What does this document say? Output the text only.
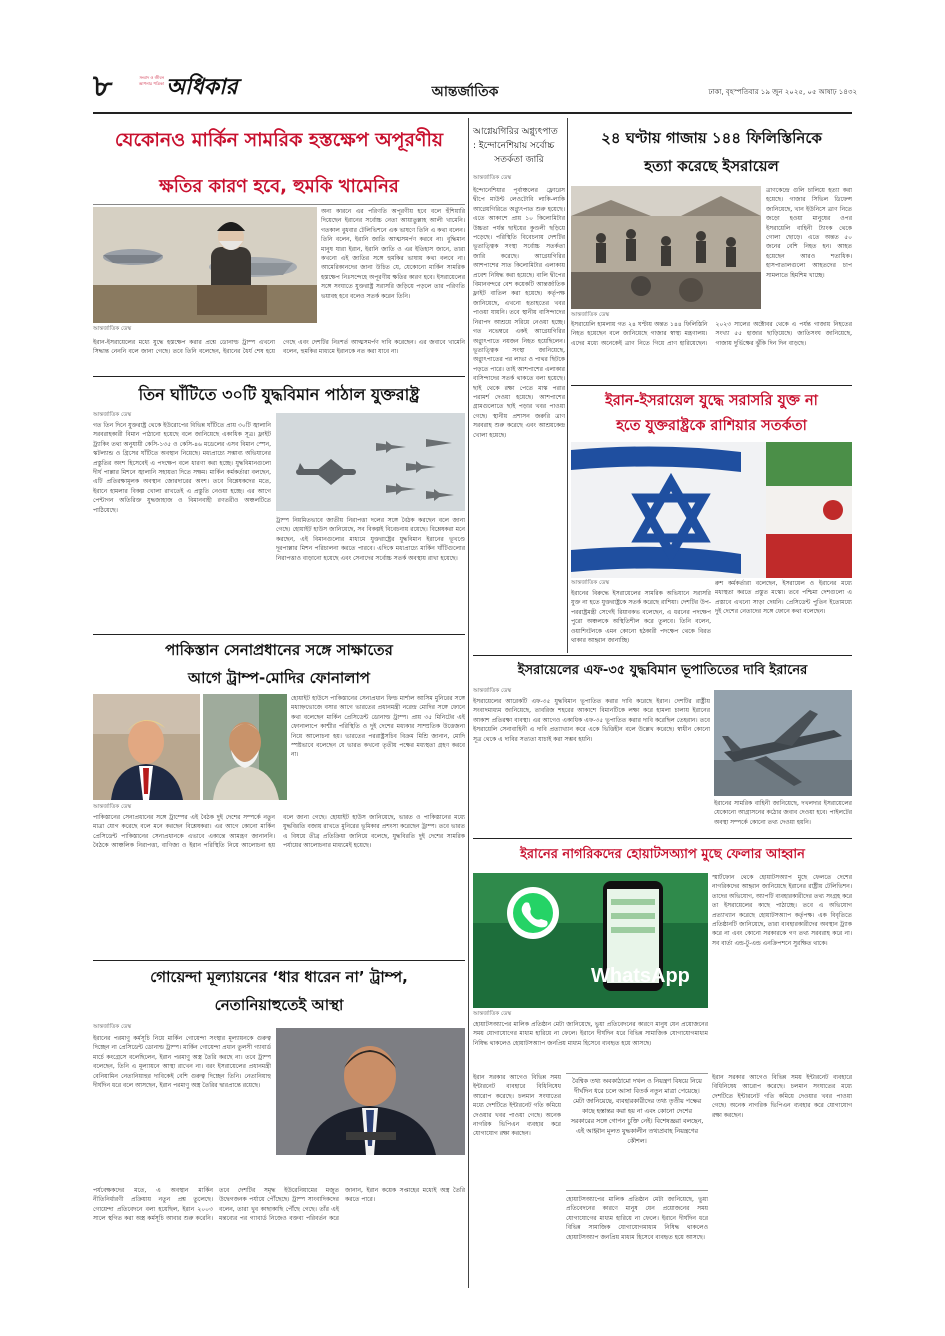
৮	সংবাদ ও জীবন
আপনার পত্রিকা অধিকার	আন্তর্জাতিক	ঢাকা, বৃহস্পতিবার ১৯ জুন ২০২৫, ০৫ আষাঢ় ১৪৩২
যেকোনও মার্কিন সামরিক হস্তক্ষেপ অপূরণীয়
ক্ষতির কারণ হবে, হুমকি খামেনির
আন্তর্জাতিক ডেস্ক
অন্য কারনে এর পরিণতি অপূরণীয় হবে বলে হুঁশিয়ারি দিয়েছেন ইরানের সর্বোচ্চ নেতা আয়াতুল্লাহ আলী খামেনি। গতকাল বুধবার টেলিভিশনে এক ভাষণে তিনি এ কথা বলেন। তিনি বলেন, ইরানি জাতি আত্মসমর্পণ করবে না। বুদ্ধিমান মানুষ যারা ইরান, ইরানি জাতি ও এর ইতিহাস জানে, তারা কখনো এই জাতির সঙ্গে হুমকির ভাষায় কথা বলবে না। আমেরিকানদের জানা উচিত যে, যেকোনো মার্কিন সামরিক হস্তক্ষেপ নিঃসন্দেহে অপূরণীয় ক্ষতির কারণ হবে। ইসরায়েলের সঙ্গে সংঘাতে যুক্তরাষ্ট্র সরাসরি জড়িয়ে পড়লে তার পরিণতি ভয়াবহ হবে বলেও সতর্ক করেন তিনি।
ইরান-ইসরায়েলের মধ্যে যুদ্ধে হস্তক্ষেপ করার প্রশ্নে ডোনাল্ড ট্রাম্প এখনো সিদ্ধান্ত নেননি বলে জানা গেছে। তবে তিনি বলেছেন, ইরানের ধৈর্য শেষ হয়ে গেছে এবং দেশটির নিঃশর্ত আত্মসমর্পণ দাবি করেছেন। এর জবাবে খামেনি বলেন, হুমকির মাধ্যমে ইরানকে নত করা যাবে না।
তিন ঘাঁটিতে ৩০টি যুদ্ধবিমান পাঠাল যুক্তরাষ্ট্র
আন্তর্জাতিক ডেস্ক
গত তিন দিনে যুক্তরাষ্ট্র থেকে ইউরোপের বিভিন্ন ঘাঁটিতে প্রায় ৩০টি জ্বালানি সরবরাহকারী বিমান পাঠানো হয়েছে বলে জানিয়েছে একাধিক সূত্র। ফ্লাইট ট্র্যাকিং তথ্য অনুযায়ী কেসি-১৩৫ ও কেসি-৪৬ মডেলের এসব বিমান স্পেন, স্কটল্যান্ড ও গ্রিসের ঘাঁটিতে অবস্থান নিয়েছে। মধ্যপ্রাচ্যে সম্ভাব্য অভিযানের প্রস্তুতির অংশ হিসেবেই এ পদক্ষেপ বলে ধারণা করা হচ্ছে। যুদ্ধবিমানগুলো দীর্ঘ পাল্লার মিশনে জ্বালানি সহায়তা দিতে সক্ষম। মার্কিন কর্মকর্তারা বলছেন, এটি প্রতিরক্ষামূলক অবস্থান জোরদারের অংশ। তবে বিশ্লেষকদের মতে, ইরানে হামলার বিকল্প খোলা রাখতেই এ প্রস্তুতি নেওয়া হচ্ছে। এর আগে পেন্টাগন অতিরিক্ত যুদ্ধজাহাজ ও বিমানবাহী রণতরীও অঞ্চলটিতে পাঠিয়েছে।
ট্রাম্প নিয়মিতভাবে জাতীয় নিরাপত্তা দলের সঙ্গে বৈঠক করছেন বলে জানা গেছে। হোয়াইট হাউস জানিয়েছে, সব বিকল্পই বিবেচনায় রয়েছে। বিশ্লেষকরা মনে করছেন, এই বিমানগুলোর মাধ্যমে যুক্তরাষ্ট্রের যুদ্ধবিমান ইরানের ভূখণ্ডে দূরপাল্লার মিশন পরিচালনা করতে পারবে। এদিকে মধ্যপ্রাচ্যে মার্কিন ঘাঁটিগুলোর নিরাপত্তাও বাড়ানো হয়েছে এবং সেনাদের সর্বোচ্চ সতর্ক অবস্থায় রাখা হয়েছে।
পাকিস্তান সেনাপ্রধানের সঙ্গে সাক্ষাতের
আগে ট্রাম্প-মোদির ফোনালাপ
হোয়াইট হাউসে পাকিস্তানের সেনাপ্রধান ফিল্ড মার্শাল আসিম মুনিরের সঙ্গে মধ্যাহ্নভোজে বসার আগে ভারতের প্রধানমন্ত্রী নরেন্দ্র মোদির সঙ্গে ফোনে কথা বলেছেন মার্কিন প্রেসিডেন্ট ডোনাল্ড ট্রাম্প। প্রায় ৩৫ মিনিটের এই ফোনালাপে কাশ্মীর পরিস্থিতি ও দুই দেশের মধ্যকার সাম্প্রতিক উত্তেজনা নিয়ে আলোচনা হয়। ভারতের পররাষ্ট্রসচিব বিক্রম মিশ্রি জানান, মোদি স্পষ্টভাবে বলেছেন যে ভারত কখনো তৃতীয় পক্ষের মধ্যস্থতা গ্রহণ করবে না।
আন্তর্জাতিক ডেস্ক
পাকিস্তানের সেনাপ্রধানের সঙ্গে ট্রাম্পের এই বৈঠক দুই দেশের সম্পর্কে নতুন মাত্রা যোগ করেছে বলে মনে করছেন বিশ্লেষকরা। এর আগে কোনো মার্কিন প্রেসিডেন্ট পাকিস্তানের সেনাপ্রধানকে এভাবে একান্তে আমন্ত্রণ জানাননি। বৈঠকে আঞ্চলিক নিরাপত্তা, বাণিজ্য ও ইরান পরিস্থিতি নিয়ে আলোচনা হয় বলে জানা গেছে। হোয়াইট হাউস জানিয়েছে, ভারত ও পাকিস্তানের মধ্যে যুদ্ধবিরতি বজায় রাখতে মুনিরের ভূমিকার প্রশংসা করেছেন ট্রাম্প। তবে ভারত এ বিষয়ে তীব্র প্রতিক্রিয়া জানিয়ে বলেছে, যুদ্ধবিরতি দুই দেশের সামরিক পর্যায়ের আলোচনার মাধ্যমেই হয়েছে।
গোয়েন্দা মূল্যায়নের ‘ধার ধারেন না’ ট্রাম্প,
নেতানিয়াহুতেই আস্থা
আন্তর্জাতিক ডেস্ক
ইরানের পরমাণু কর্মসূচি নিয়ে মার্কিন গোয়েন্দা সংস্থার মূল্যায়নকে গুরুত্ব দিচ্ছেন না প্রেসিডেন্ট ডোনাল্ড ট্রাম্প। মার্কিন গোয়েন্দা প্রধান তুলসী গ্যাবার্ড মার্চে কংগ্রেসে বলেছিলেন, ইরান পরমাণু অস্ত্র তৈরি করছে না। তবে ট্রাম্প বলেছেন, তিনি এ মূল্যায়নে আস্থা রাখেন না। বরং ইসরায়েলের প্রধানমন্ত্রী বেনিয়ামিন নেতানিয়াহুর দাবিকেই বেশি গুরুত্ব দিচ্ছেন তিনি। নেতানিয়াহু দীর্ঘদিন ধরে বলে আসছেন, ইরান পরমাণু অস্ত্র তৈরির দ্বারপ্রান্তে রয়েছে।
পর্যবেক্ষকদের মতে, এ অবস্থান মার্কিন নীতিনির্ধারণী প্রক্রিয়ায় নতুন প্রশ্ন তুলেছে। গোয়েন্দা প্রতিবেদনে বলা হয়েছিল, ইরান ২০০৩ সালে স্থগিত করা অস্ত্র কর্মসূচি আবার শুরু করেনি। তবে দেশটির সমৃদ্ধ ইউরেনিয়ামের মজুত উদ্বেগজনক পর্যায়ে পৌঁছেছে। ট্রাম্প সাংবাদিকদের বলেন, তারা খুব কাছাকাছি পৌঁছে গেছে। তাঁর এই মন্তব্যের পর গ্যাবার্ড নিজেও বক্তব্য পরিবর্তন করে জানান, ইরান কয়েক সপ্তাহের মধ্যেই অস্ত্র তৈরি করতে পারে।
আগ্নেয়গিরির অগ্ন্যুৎপাত
: ইন্দোনেশিয়ায় সর্বোচ্চ
সতর্কতা জারি
আন্তর্জাতিক ডেস্ক
ইন্দোনেশিয়ার পূর্বাঞ্চলের ফ্লোরেস দ্বীপে মাউন্ট লেওটোবি লাকি-লাকি আগ্নেয়গিরিতে অগ্ন্যুৎপাত শুরু হয়েছে। এতে আকাশে প্রায় ১০ কিলোমিটার উচ্চতা পর্যন্ত ছাইয়ের কুণ্ডলী ছড়িয়ে পড়েছে। পরিস্থিতি বিবেচনায় দেশটির ভূতাত্ত্বিক সংস্থা সর্বোচ্চ সতর্কতা জারি করেছে। আগ্নেয়গিরির আশপাশের সাত কিলোমিটার এলাকায় প্রবেশ নিষিদ্ধ করা হয়েছে। বালি দ্বীপের বিমানবন্দরে বেশ কয়েকটি আন্তর্জাতিক ফ্লাইট বাতিল করা হয়েছে। কর্তৃপক্ষ জানিয়েছে, এখনো হতাহতের খবর পাওয়া যায়নি। তবে স্থানীয় বাসিন্দাদের নিরাপদ আশ্রয়ে সরিয়ে নেওয়া হচ্ছে। গত নভেম্বরে একই আগ্নেয়গিরির অগ্ন্যুৎপাতে নয়জন নিহত হয়েছিলেন। ভূতাত্ত্বিক সংস্থা জানিয়েছে, অগ্ন্যুৎপাতের পর লাভা ও পাথর ছিটকে পড়তে পারে। তাই আশপাশের এলাকার বাসিন্দাদের সতর্ক থাকতে বলা হয়েছে। ছাই থেকে রক্ষা পেতে মাস্ক পরার পরামর্শ দেওয়া হয়েছে। আশপাশের গ্রামগুলোতে ছাই পড়ার খবর পাওয়া গেছে। স্থানীয় প্রশাসন জরুরি ত্রাণ সরবরাহ শুরু করেছে এবং আশ্রয়কেন্দ্র খোলা হয়েছে।
২৪ ঘণ্টায় গাজায় ১৪৪ ফিলিস্তিনিকে
হত্যা করেছে ইসরায়েল
আন্তর্জাতিক ডেস্ক
ত্রাণকেন্দ্রে গুলি চালিয়ে হত্যা করা হয়েছে। গাজার সিভিল ডিফেন্স জানিয়েছে, খান ইউনিসে ত্রাণ নিতে জড়ো হওয়া মানুষের ওপর ইসরায়েলি বাহিনী ট্যাংক থেকে গোলা ছোড়ে। এতে অন্তত ৫০ জনের বেশি নিহত হন। আহত হয়েছেন আরও শতাধিক। হাসপাতালগুলো আহতদের চাপ সামলাতে হিমশিম খাচ্ছে।
ইসরায়েলি হামলায় গত ২৪ ঘণ্টায় অন্তত ১৪৪ ফিলিস্তিনি নিহত হয়েছেন বলে জানিয়েছে গাজার স্বাস্থ্য মন্ত্রণালয়। এদের মধ্যে অনেকেই ত্রাণ নিতে গিয়ে প্রাণ হারিয়েছেন। ২০২৩ সালের অক্টোবর থেকে এ পর্যন্ত গাজায় নিহতের সংখ্যা ৫৫ হাজার ছাড়িয়েছে। জাতিসংঘ জানিয়েছে, গাজায় দুর্ভিক্ষের ঝুঁকি দিন দিন বাড়ছে।
ইরান-ইসরায়েল যুদ্ধে সরাসরি যুক্ত না
হতে যুক্তরাষ্ট্রকে রাশিয়ার সতর্কতা
আন্তর্জাতিক ডেস্ক
ইরানের বিরুদ্ধে ইসরায়েলের সামরিক অভিযানে সরাসরি যুক্ত না হতে যুক্তরাষ্ট্রকে সতর্ক করেছে রাশিয়া। দেশটির উপ-পররাষ্ট্রমন্ত্রী সের্গেই রিয়াবকভ বলেছেন, এ ধরনের পদক্ষেপ পুরো অঞ্চলকে অস্থিতিশীল করে তুলবে। তিনি বলেন, ওয়াশিংটনকে এমন কোনো হঠকারী পদক্ষেপ থেকে বিরত থাকার আহ্বান জানাচ্ছি।
রুশ কর্মকর্তারা বলেছেন, ইসরায়েল ও ইরানের মধ্যে মধ্যস্থতা করতে প্রস্তুত মস্কো। তবে পশ্চিমা দেশগুলো এ প্রস্তাবে এখনো সাড়া দেয়নি। প্রেসিডেন্ট পুতিন ইতোমধ্যে দুই দেশের নেতাদের সঙ্গে ফোনে কথা বলেছেন।
ইসরায়েলের এফ-৩৫ যুদ্ধবিমান ভূপাতিতের দাবি ইরানের
আন্তর্জাতিক ডেস্ক
ইসরায়েলের আরেকটি এফ-৩৫ যুদ্ধবিমান ভূপাতিত করার দাবি করেছে ইরান। দেশটির রাষ্ট্রীয় সংবাদমাধ্যম জানিয়েছে, তাবরিজ শহরের আকাশে বিমানটিকে লক্ষ্য করে হামলা চালায় ইরানের আকাশ প্রতিরক্ষা ব্যবস্থা। এর আগেও একাধিক এফ-৩৫ ভূপাতিত করার দাবি করেছিল তেহরান। তবে ইসরায়েলি সেনাবাহিনী এ দাবি প্রত্যাখ্যান করে একে ভিত্তিহীন বলে উল্লেখ করেছে। স্বাধীন কোনো সূত্র থেকে এ দাবির সত্যতা যাচাই করা সম্ভব হয়নি।
ইরানের সামরিক বাহিনী জানিয়েছে, দখলদার ইসরায়েলের যেকোনো আগ্রাসনের কঠোর জবাব দেওয়া হবে। পাইলটের অবস্থা সম্পর্কে কোনো তথ্য দেওয়া হয়নি।
ইরানের নাগরিকদের হোয়াটসঅ্যাপ মুছে ফেলার আহ্বান
WhatsApp
স্মার্টফোন থেকে হোয়াটসঅ্যাপ মুছে ফেলতে দেশের নাগরিকদের আহ্বান জানিয়েছে ইরানের রাষ্ট্রীয় টেলিভিশন। তাদের অভিযোগ, অ্যাপটি ব্যবহারকারীদের তথ্য সংগ্রহ করে তা ইসরায়েলের কাছে পাঠাচ্ছে। তবে এ অভিযোগ প্রত্যাখ্যান করেছে হোয়াটসঅ্যাপ কর্তৃপক্ষ। এক বিবৃতিতে প্রতিষ্ঠানটি জানিয়েছে, তারা ব্যবহারকারীদের অবস্থান ট্র্যাক করে না এবং কোনো সরকারকে গণ তথ্য সরবরাহ করে না। সব বার্তা এন্ড-টু-এন্ড এনক্রিপশনে সুরক্ষিত থাকে।
আন্তর্জাতিক ডেস্ক
হোয়াটসঅ্যাপের মালিক প্রতিষ্ঠান মেটা জানিয়েছে, ভুয়া প্রতিবেদনের কারণে মানুষ যেন প্রয়োজনের সময় যোগাযোগের মাধ্যম হারিয়ে না ফেলে। ইরানে দীর্ঘদিন ধরে বিভিন্ন সামাজিক যোগাযোগমাধ্যম নিষিদ্ধ থাকলেও হোয়াটসঅ্যাপ জনপ্রিয় মাধ্যম হিসেবে ব্যবহৃত হয়ে আসছে।
বৈশ্বিক তথ্য অবকাঠামো দখল ও নিয়ন্ত্রণ বিষয়ে নিয়ে দীর্ঘদিন ধরে চলে আসা বিতর্ক নতুন মাত্রা পেয়েছে। মেটা জানিয়েছে, ব্যবহারকারীদের তথ্য তৃতীয় পক্ষের কাছে হস্তান্তর করা হয় না এবং কোনো দেশের সরকারের সঙ্গে গোপন চুক্তি নেই। বিশেষজ্ঞরা বলছেন, এই আহ্বান মূলত যুদ্ধকালীন তথ্যপ্রবাহ নিয়ন্ত্রণের কৌশল।
ইরান সরকার আগেও বিভিন্ন সময় ইন্টারনেট ব্যবহারে বিধিনিষেধ আরোপ করেছে। চলমান সংঘাতের মধ্যে দেশটিতে ইন্টারনেট গতি কমিয়ে দেওয়ার খবর পাওয়া গেছে। অনেক নাগরিক ভিপিএন ব্যবহার করে যোগাযোগ রক্ষা করছেন।
হোয়াটসঅ্যাপের মালিক প্রতিষ্ঠান মেটা জানিয়েছে, ভুয়া প্রতিবেদনের কারণে মানুষ যেন প্রয়োজনের সময় যোগাযোগের মাধ্যম হারিয়ে না ফেলে। ইরানে দীর্ঘদিন ধরে বিভিন্ন সামাজিক যোগাযোগমাধ্যম নিষিদ্ধ থাকলেও হোয়াটসঅ্যাপ জনপ্রিয় মাধ্যম হিসেবে ব্যবহৃত হয়ে আসছে।
ইরান সরকার আগেও বিভিন্ন সময় ইন্টারনেট ব্যবহারে বিধিনিষেধ আরোপ করেছে। চলমান সংঘাতের মধ্যে দেশটিতে ইন্টারনেট গতি কমিয়ে দেওয়ার খবর পাওয়া গেছে। অনেক নাগরিক ভিপিএন ব্যবহার করে যোগাযোগ রক্ষা করছেন।
